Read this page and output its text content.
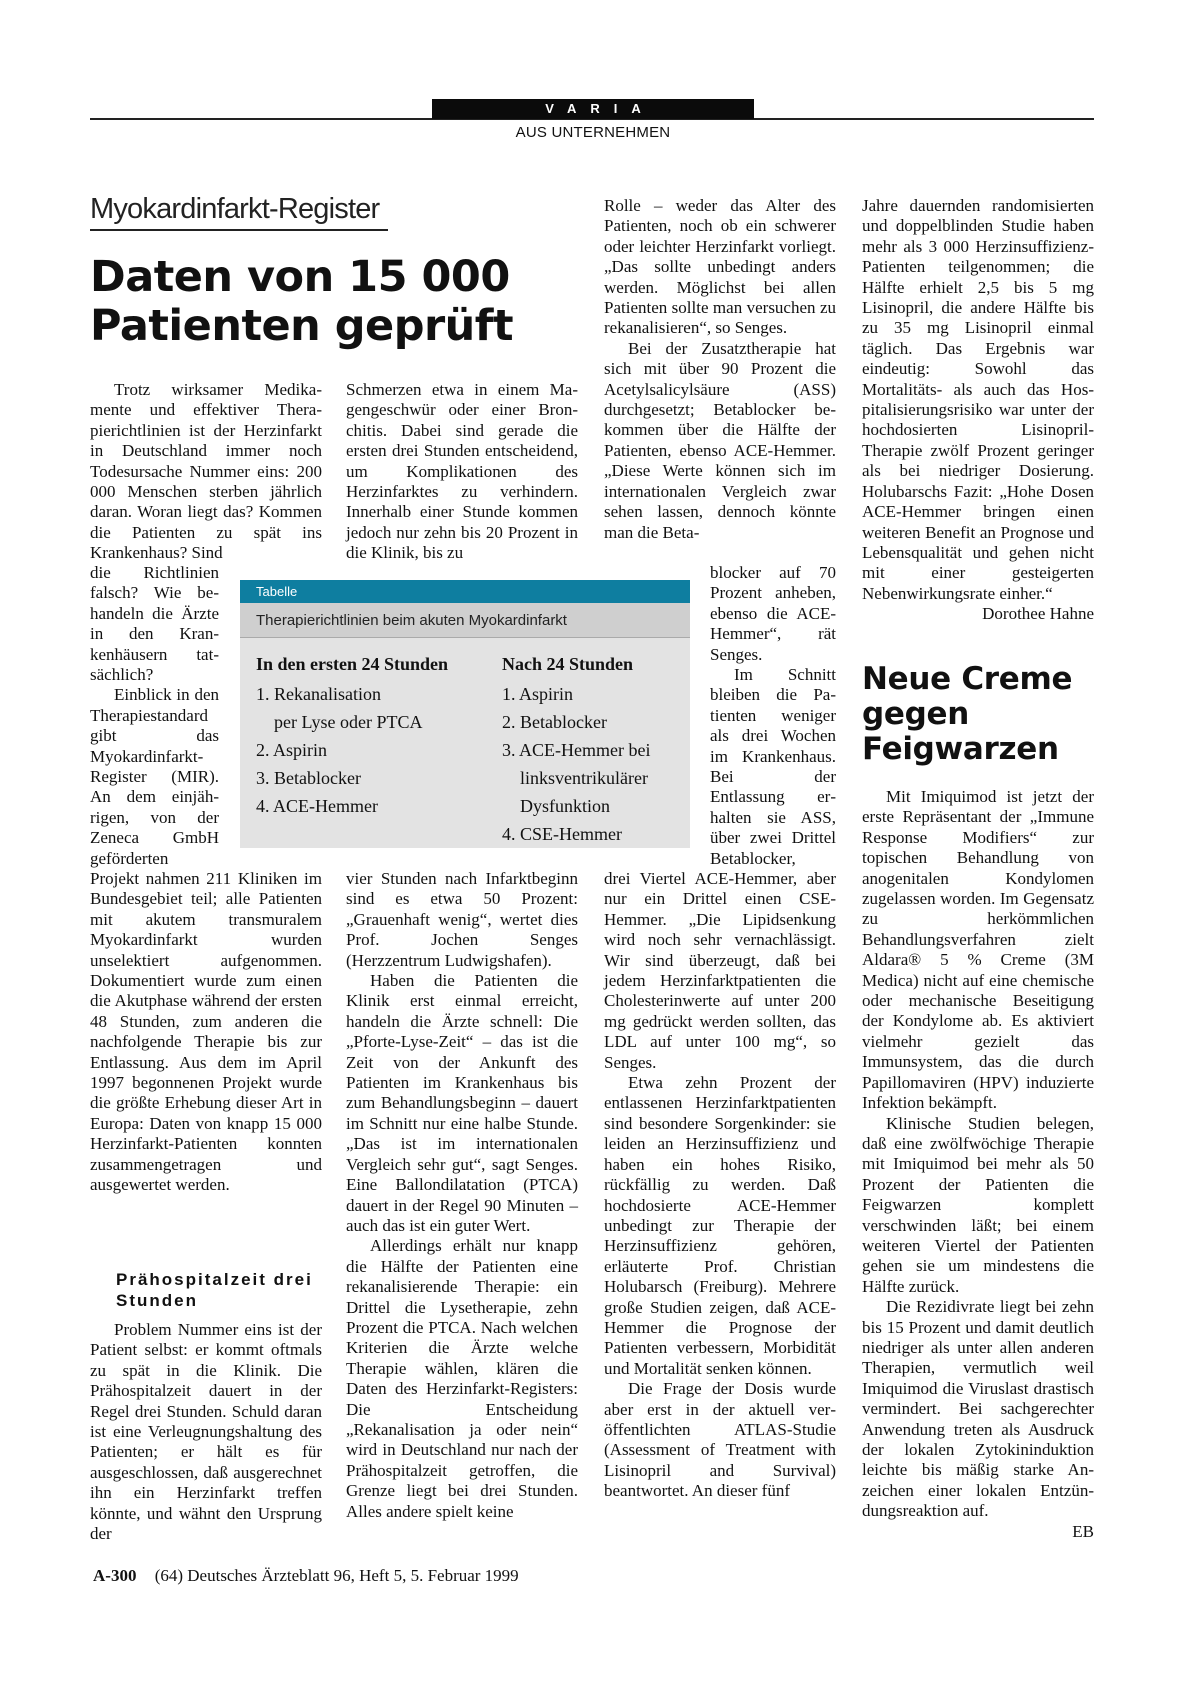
VARIA
AUS UNTERNEHMEN
Myokardinfarkt-Register
Daten von 15 000 Patienten geprüft

Trotz wirksamer Medikamente und effektiver Therapierichtlinien ist der Herzinfarkt in Deutschland immer noch Todesursache Nummer eins: 200 000 Menschen sterben jährlich daran. Woran liegt das? Kommen die Patienten zu spät ins Krankenhaus? Sind

die Richtlinien falsch? Wie behandeln die Ärzte in den Krankenhäusern tatsächlich?

Einblick in den Therapiestandard gibt das Myokardinfarkt-Register (MIR). An dem einjährigen, von der Zeneca GmbH geförderten

Projekt nahmen 211 Kliniken im Bundesgebiet teil; alle Patienten mit akutem transmuralem Myokardinfarkt wurden unselektiert aufgenommen. Dokumentiert wurde zum einen die Akutphase während der ersten 48 Stunden, zum anderen die nachfolgende Therapie bis zur Entlassung. Aus dem im April 1997 begonnenen Projekt wurde die größte Erhebung dieser Art in Europa: Daten von knapp 15 000 Herzinfarkt-Patienten konnten zusammengetragen und ausgewertet werden.

Prähospitalzeit drei Stunden

Problem Nummer eins ist der Patient selbst: er kommt oftmals zu spät in die Klinik. Die Prähospitalzeit dauert in der Regel drei Stunden. Schuld daran ist eine Verleugnungshaltung des Patienten; er hält es für ausgeschlossen, daß ausgerechnet ihn ein Herzinfarkt treffen könnte, und wähnt den Ursprung der

Schmerzen etwa in einem Magengeschwür oder einer Bronchitis. Dabei sind gerade die ersten drei Stunden entscheidend, um Komplikationen des Herzinfarktes zu verhindern. Innerhalb einer Stunde kommen jedoch nur zehn bis 20 Prozent in die Klinik, bis zu

vier Stunden nach Infarktbeginn sind es etwa 50 Prozent: „Grauenhaft wenig“, wertet dies Prof. Jochen Senges (Herzzentrum Ludwigshafen).

Haben die Patienten die Klinik erst einmal erreicht, handeln die Ärzte schnell: Die „Pforte-Lyse-Zeit“ – das ist die Zeit von der Ankunft des Patienten im Krankenhaus bis zum Behandlungsbeginn – dauert im Schnitt nur eine halbe Stunde. „Das ist im internationalen Vergleich sehr gut“, sagt Senges. Eine Ballondilatation (PTCA) dauert in der Regel 90 Minuten – auch das ist ein guter Wert.

Allerdings erhält nur knapp die Hälfte der Patienten eine rekanalisierende Therapie: ein Drittel die Lysetherapie, zehn Prozent die PTCA. Nach welchen Kriterien die Ärzte welche Therapie wählen, klären die Daten des Herzinfarkt-Registers: Die Entscheidung „Rekanalisation ja oder nein“ wird in Deutschland nur nach der Prähospitalzeit getroffen, die Grenze liegt bei drei Stunden. Alles andere spielt keine

Rolle – weder das Alter des Patienten, noch ob ein schwerer oder leichter Herzinfarkt vorliegt. „Das sollte unbedingt anders werden. Möglichst bei allen Patienten sollte man versuchen zu rekanalisieren“, so Senges.

Bei der Zusatztherapie hat sich mit über 90 Prozent die Acetylsalicylsäure (ASS) durchgesetzt; Betablocker bekommen über die Hälfte der Patienten, ebenso ACE-Hemmer. „Diese Werte können sich im internationalen Vergleich zwar sehen lassen, dennoch könnte man die Beta-

blocker auf 70 Prozent anheben, ebenso die ACE-Hemmer“, rät Senges.

Im Schnitt bleiben die Patienten weniger als drei Wochen im Krankenhaus. Bei der Entlassung erhalten sie ASS, über zwei Drittel Betablocker,

drei Viertel ACE-Hemmer, aber nur ein Drittel einen CSE-Hemmer. „Die Lipidsenkung wird noch sehr vernachlässigt. Wir sind überzeugt, daß bei jedem Herzinfarktpatienten die Cholesterinwerte auf unter 200 mg gedrückt werden sollten, das LDL auf unter 100 mg“, so Senges.

Etwa zehn Prozent der entlassenen Herzinfarktpatienten sind besondere Sorgenkinder: sie leiden an Herzinsuffizienz und haben ein hohes Risiko, rückfällig zu werden. Daß hochdosierte ACE-Hemmer unbedingt zur Therapie der Herzinsuffizienz gehören, erläuterte Prof. Christian Holubarsch (Freiburg). Mehrere große Studien zeigen, daß ACE-Hemmer die Prognose der Patienten verbessern, Morbidität und Mortalität senken können.

Die Frage der Dosis wurde aber erst in der aktuell veröffentlichten ATLAS-Studie (Assessment of Treatment with Lisinopril and Survival) beantwortet. An dieser fünf

Jahre dauernden randomisierten und doppelblinden Studie haben mehr als 3 000 Herzinsuffizienz-Patienten teilgenommen; die Hälfte erhielt 2,5 bis 5 mg Lisinopril, die andere Hälfte bis zu 35 mg Lisinopril einmal täglich. Das Ergebnis war eindeutig: Sowohl das Mortalitäts- als auch das Hospitalisierungsrisiko war unter der hochdosierten Lisinopril-Therapie zwölf Prozent geringer als bei niedriger Dosierung. Holubarschs Fazit: „Hohe Dosen ACE-Hemmer bringen einen weiteren Benefit an Prognose und Lebensqualität und gehen nicht mit einer gesteigerten Nebenwirkungsrate einher.“

Dorothee Hahne

Tabelle
Therapierichtlinien beim akuten Myokardinfarkt
In den ersten 24 Stunden
1. Rekanalisation
per Lyse oder PTCA
2. Aspirin
3. Betablocker
4. ACE-Hemmer
Nach 24 Stunden
1. Aspirin
2. Betablocker
3. ACE-Hemmer bei
linksventrikulärer
Dysfunktion
4. CSE-Hemmer
Neue Creme gegen Feigwarzen

Mit Imiquimod ist jetzt der erste Repräsentant der „Immune Response Modifiers“ zur topischen Behandlung von anogenitalen Kondylomen zugelassen worden. Im Gegensatz zu herkömmlichen Behandlungsverfahren zielt Aldara® 5 % Creme (3M Medica) nicht auf eine chemische oder mechanische Beseitigung der Kondylome ab. Es aktiviert vielmehr gezielt das Immunsystem, das die durch Papillomaviren (HPV) induzierte Infektion bekämpft.

Klinische Studien belegen, daß eine zwölfwöchige Therapie mit Imiquimod bei mehr als 50 Prozent der Patienten die Feigwarzen komplett verschwinden läßt; bei einem weiteren Viertel der Patienten gehen sie um mindestens die Hälfte zurück.

Die Rezidivrate liegt bei zehn bis 15 Prozent und damit deutlich niedriger als unter allen anderen Therapien, vermutlich weil Imiquimod die Viruslast drastisch vermindert. Bei sachgerechter Anwendung treten als Ausdruck der lokalen Zytokininduktion leichte bis mäßig starke Anzeichen einer lokalen Entzündungsreaktion auf.

EB

A-300 (64) Deutsches Ärzteblatt 96, Heft 5, 5. Februar 1999
